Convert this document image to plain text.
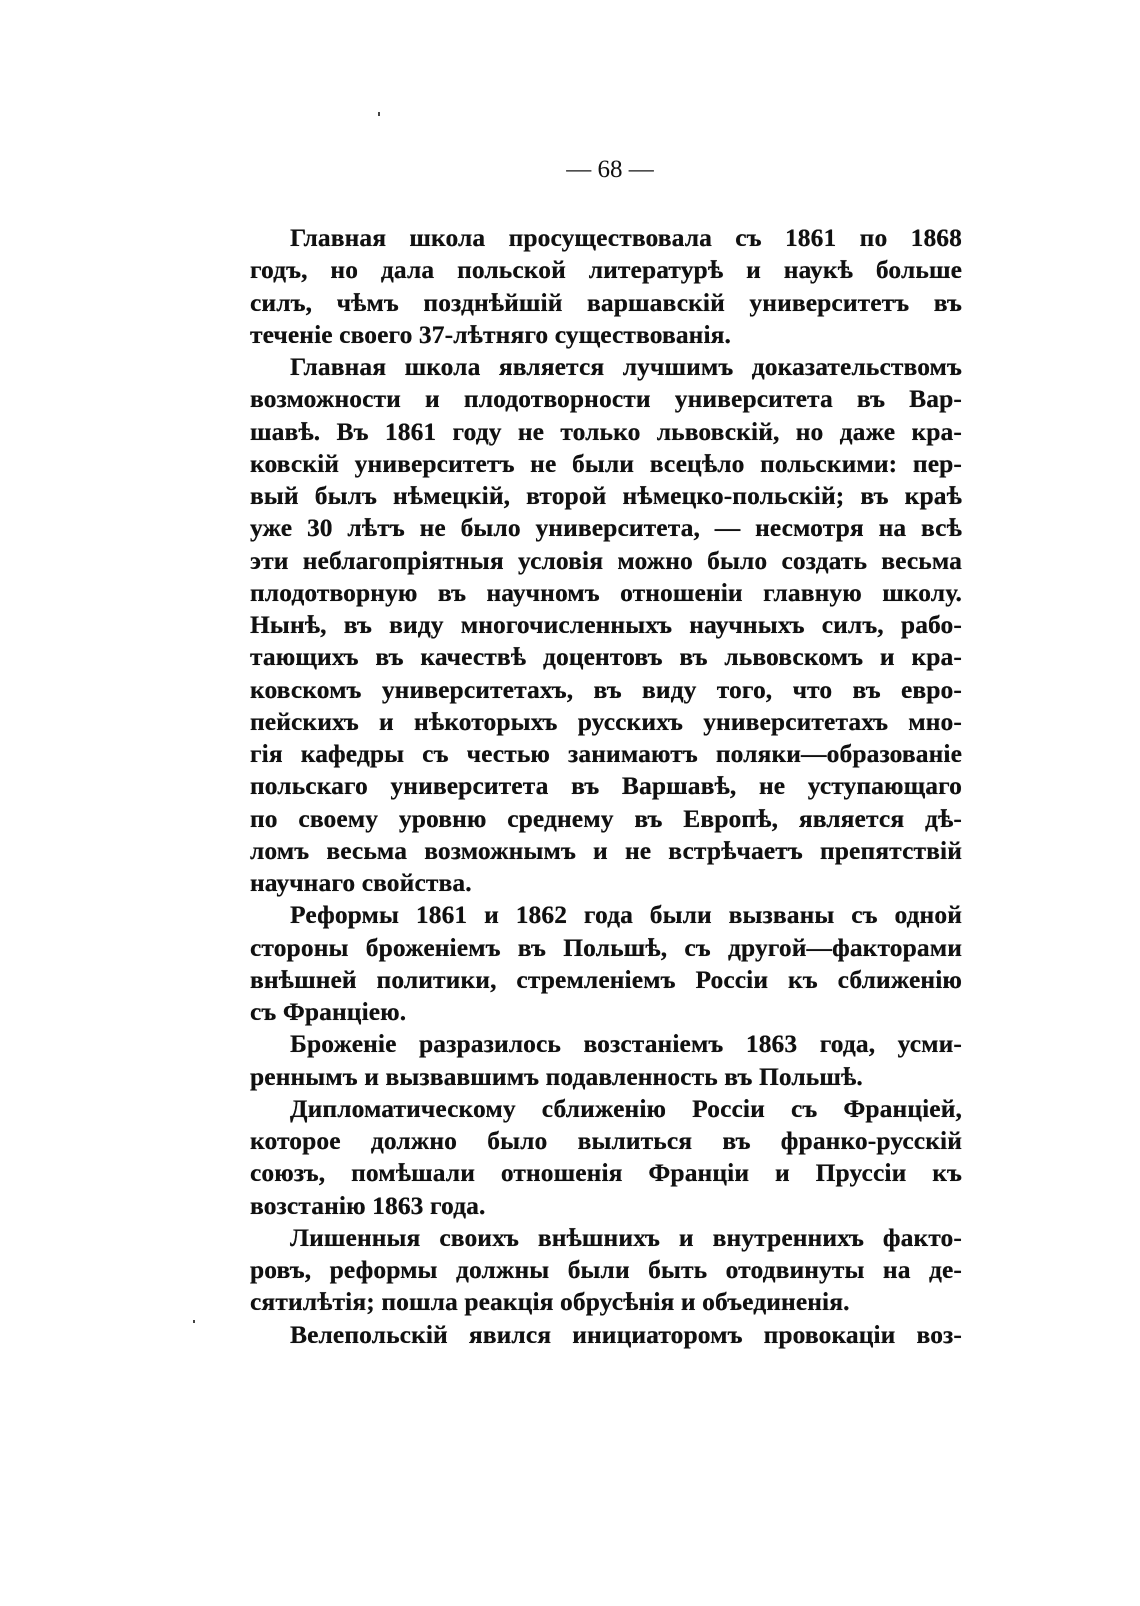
— 68 —
Главная школа просуществовала съ 1861 по 1868
годъ, но дала польской литературѣ и наукѣ больше
силъ, чѣмъ позднѣйшій варшавскій университетъ въ
теченіе своего 37-лѣтняго существованія.
Главная школа является лучшимъ доказательствомъ
возможности и плодотворности университета въ Вар-
шавѣ. Въ 1861 году не только львовскій, но даже кра-
ковскій университетъ не были всецѣло польскими: пер-
вый былъ нѣмецкій, второй нѣмецко-польскій; въ краѣ
уже 30 лѣтъ не было университета, — несмотря на всѣ
эти неблагопріятныя условія можно было создать весьма
плодотворную въ научномъ отношеніи главную школу.
Нынѣ, въ виду многочисленныхъ научныхъ силъ, рабо-
тающихъ въ качествѣ доцентовъ въ львовскомъ и кра-
ковскомъ университетахъ, въ виду того, что въ евро-
пейскихъ и нѣкоторыхъ русскихъ университетахъ мно-
гія кафедры съ честью занимаютъ поляки—образованіе
польскаго университета въ Варшавѣ, не уступающаго
по своему уровню среднему въ Европѣ, является дѣ-
ломъ весьма возможнымъ и не встрѣчаетъ препятствій
научнаго свойства.
Реформы 1861 и 1862 года были вызваны съ одной
стороны броженіемъ въ Польшѣ, съ другой—факторами
внѣшней политики, стремленіемъ Россіи къ сближенію
съ Франціею.
Броженіе разразилось возстаніемъ 1863 года, усми-
реннымъ и вызвавшимъ подавленность въ Польшѣ.
Дипломатическому сближенію Россіи съ Франціей,
которое должно было вылиться въ франко-русскій
союзъ, помѣшали отношенія Франціи и Пруссіи къ
возстанію 1863 года.
Лишенныя своихъ внѣшнихъ и внутреннихъ факто-
ровъ, реформы должны были быть отодвинуты на де-
сятилѣтія; пошла реакція обрусѣнія и объединенія.
Велепольскій явился инициаторомъ провокаціи воз-
